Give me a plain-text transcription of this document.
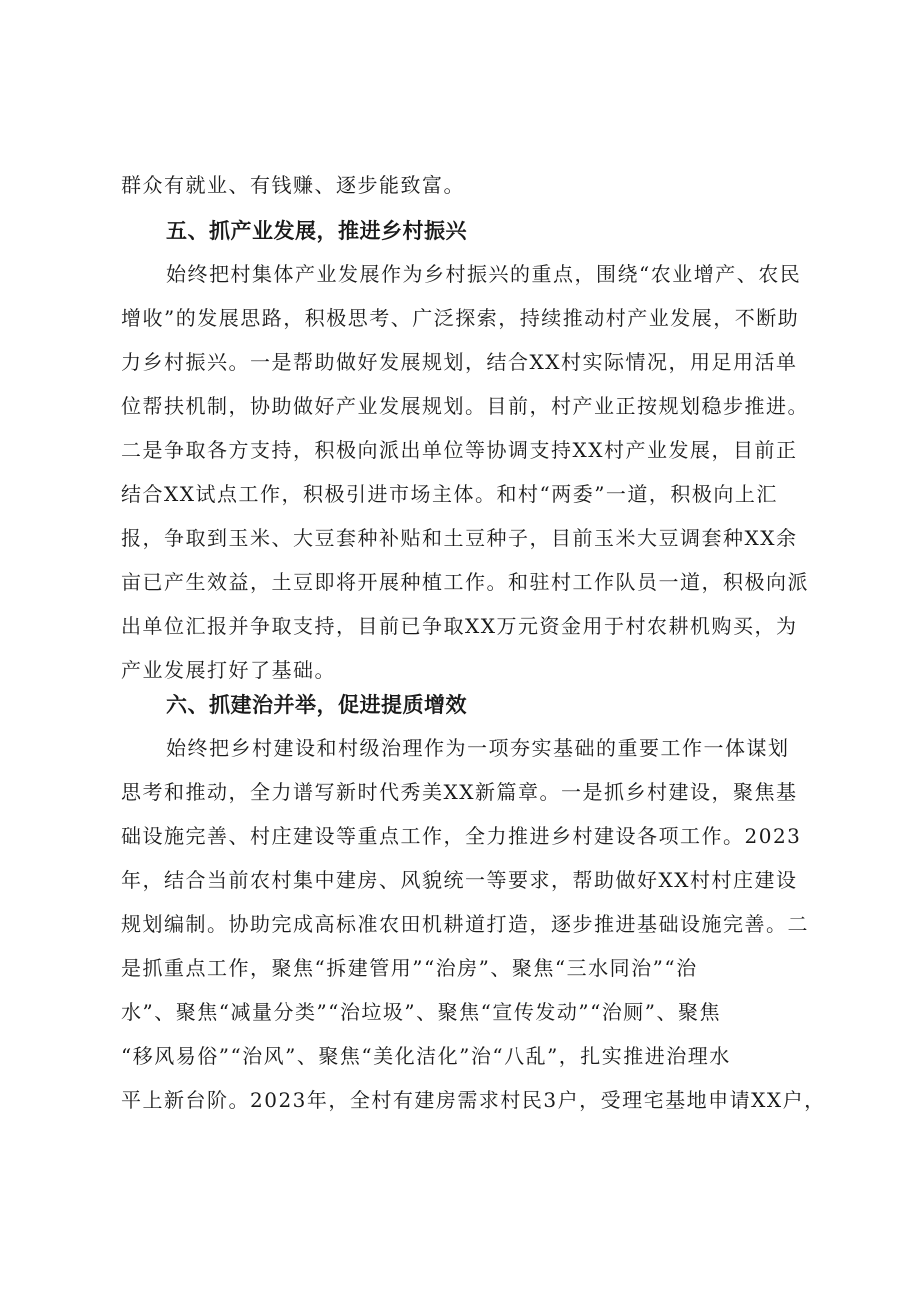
群众有就业、有钱赚、逐步能致富。
五、抓产业发展，推进乡村振兴
始终把村集体产业发展作为乡村振兴的重点，围绕“农业增产、农民
增收”的发展思路，积极思考、广泛探索，持续推动村产业发展，不断助
力乡村振兴。一是帮助做好发展规划，结合XX村实际情况，用足用活单
位帮扶机制，协助做好产业发展规划。目前，村产业正按规划稳步推进。
二是争取各方支持，积极向派出单位等协调支持XX村产业发展，目前正
结合XX试点工作，积极引进市场主体。和村“两委”一道，积极向上汇
报，争取到玉米、大豆套种补贴和土豆种子，目前玉米大豆调套种XX余
亩已产生效益，土豆即将开展种植工作。和驻村工作队员一道，积极向派
出单位汇报并争取支持，目前已争取XX万元资金用于村农耕机购买，为
产业发展打好了基础。
六、抓建治并举，促进提质增效
始终把乡村建设和村级治理作为一项夯实基础的重要工作一体谋划
思考和推动，全力谱写新时代秀美XX新篇章。一是抓乡村建设，聚焦基
础设施完善、村庄建设等重点工作，全力推进乡村建设各项工作。2023
年，结合当前农村集中建房、风貌统一等要求，帮助做好XX村村庄建设
规划编制。协助完成高标准农田机耕道打造，逐步推进基础设施完善。二
是抓重点工作，聚焦“拆建管用”“治房”、聚焦“三水同治”“治
水”、聚焦“减量分类”“治垃圾”、聚焦“宣传发动”“治厕”、聚焦
“移风易俗”“治风”、聚焦“美化洁化”治“八乱”，扎实推进治理水
平上新台阶。2023年，全村有建房需求村民3户，受理宅基地申请XX户，
